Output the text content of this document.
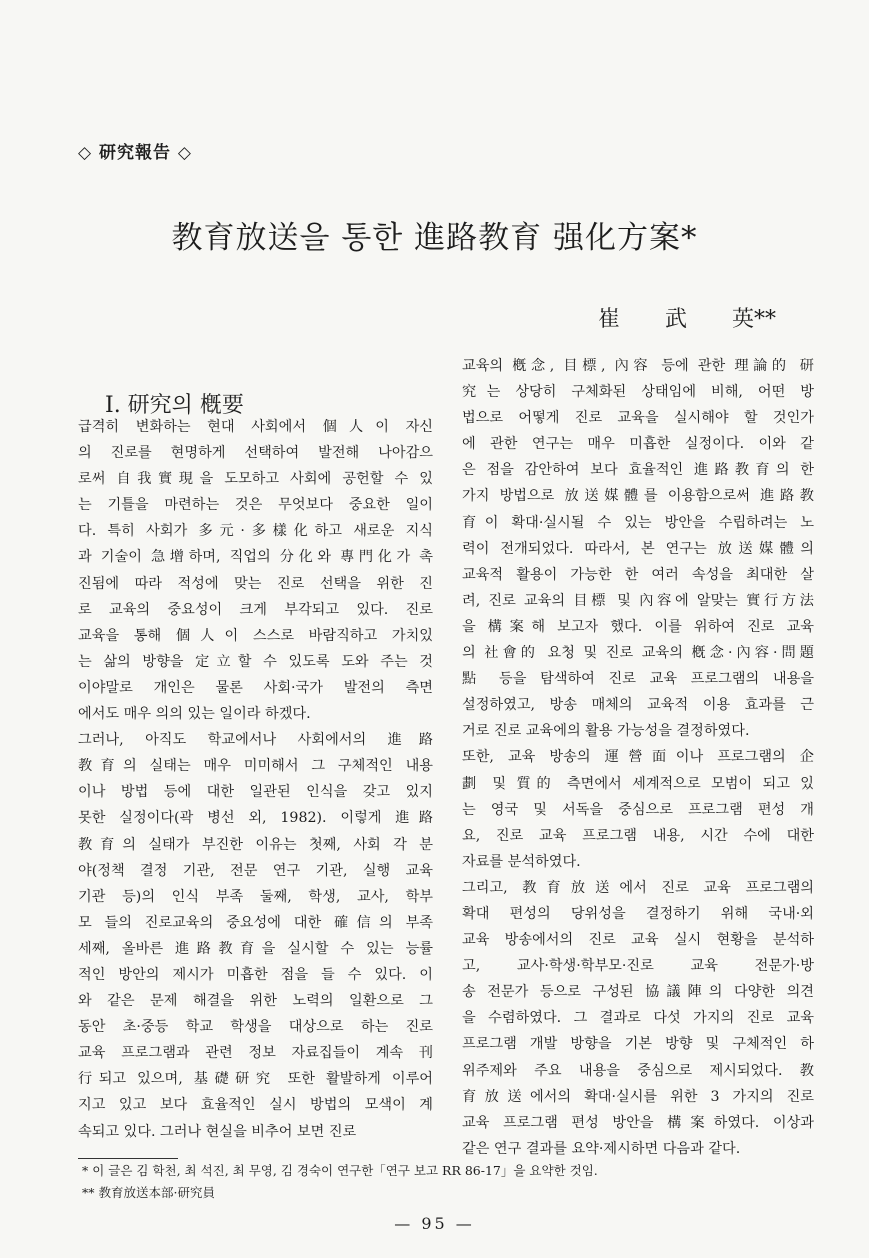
◇ 研究報告 ◇
教育放送을 통한 進路教育 强化方案*
崔 武 英**
Ⅰ. 研究의 槪要

급격히 변화하는 현대 사회에서 個人이 자신

의 진로를 현명하게 선택하여 발전해 나아감으

로써 自我實現을 도모하고 사회에 공헌할 수 있

는 기틀을 마련하는 것은 무엇보다 중요한 일이

다. 특히 사회가 多元·多樣化하고 새로운 지식

과 기술이 急增하며, 직업의 分化와 專門化가 촉

진됨에 따라 적성에 맞는 진로 선택을 위한 진

로 교육의 중요성이 크게 부각되고 있다. 진로

교육을 통해 個人이 스스로 바람직하고 가치있

는 삶의 방향을 定立할 수 있도록 도와 주는 것

이야말로 개인은 물론 사회·국가 발전의 측면

에서도 매우 의의 있는 일이라 하겠다.

그러나, 아직도 학교에서나 사회에서의 進路

教育의 실태는 매우 미미해서 그 구체적인 내용

이나 방법 등에 대한 일관된 인식을 갖고 있지

못한 실정이다(곽 병선 외, 1982). 이렇게 進路

教育의 실태가 부진한 이유는 첫째, 사회 각 분

야(정책 결정 기관, 전문 연구 기관, 실행 교육

기관 등)의 인식 부족 둘째, 학생, 교사, 학부

모 들의 진로교육의 중요성에 대한 確信의 부족

세째, 올바른 進路教育을 실시할 수 있는 능률

적인 방안의 제시가 미흡한 점을 들 수 있다. 이

와 같은 문제 해결을 위한 노력의 일환으로 그

동안 초·중등 학교 학생을 대상으로 하는 진로

교육 프로그램과 관련 정보 자료집들이 계속 刊

行되고 있으며, 基礎研究 또한 활발하게 이루어

지고 있고 보다 효율적인 실시 방법의 모색이 계

속되고 있다. 그러나 현실을 비추어 보면 진로

교육의 槪念, 目標, 內容 등에 관한 理論的 研

究는 상당히 구체화된 상태임에 비해, 어떤 방

법으로 어떻게 진로 교육을 실시해야 할 것인가

에 관한 연구는 매우 미흡한 실정이다. 이와 같

은 점을 감안하여 보다 효율적인 進路教育의 한

가지 방법으로 放送媒體를 이용함으로써 進路教

育이 확대·실시될 수 있는 방안을 수립하려는 노

력이 전개되었다. 따라서, 본 연구는 放送媒體의

교육적 활용이 가능한 한 여러 속성을 최대한 살

려, 진로 교육의 目標 및 內容에 알맞는 實行方法

을 構案해 보고자 했다. 이를 위하여 진로 교육

의 社會的 요청 및 진로 교육의 槪念·內容·問題

點 등을 탐색하여 진로 교육 프로그램의 내용을

설정하였고, 방송 매체의 교육적 이용 효과를 근

거로 진로 교육에의 활용 가능성을 결정하였다.

또한, 교육 방송의 運營面이나 프로그램의 企

劃 및 質的 측면에서 세계적으로 모범이 되고 있

는 영국 및 서독을 중심으로 프로그램 편성 개

요, 진로 교육 프로그램 내용, 시간 수에 대한

자료를 분석하였다.

그리고, 教育放送에서 진로 교육 프로그램의

확대 편성의 당위성을 결정하기 위해 국내·외

교육 방송에서의 진로 교육 실시 현황을 분석하

고, 교사·학생·학부모·진로 교육 전문가·방

송 전문가 등으로 구성된 協議陣의 다양한 의견

을 수렴하였다. 그 결과로 다섯 가지의 진로 교육

프로그램 개발 방향을 기본 방향 및 구체적인 하

위주제와 주요 내용을 중심으로 제시되었다. 教

育放送에서의 확대·실시를 위한 3 가지의 진로

교육 프로그램 편성 방안을 構案하였다. 이상과

같은 연구 결과를 요약·제시하면 다음과 같다.

* 이 글은 김 학천, 최 석진, 최 무영, 김 경숙이 연구한「연구 보고 RR 86-17」을 요약한 것임.
** 教育放送本部·研究員
— 95 —
